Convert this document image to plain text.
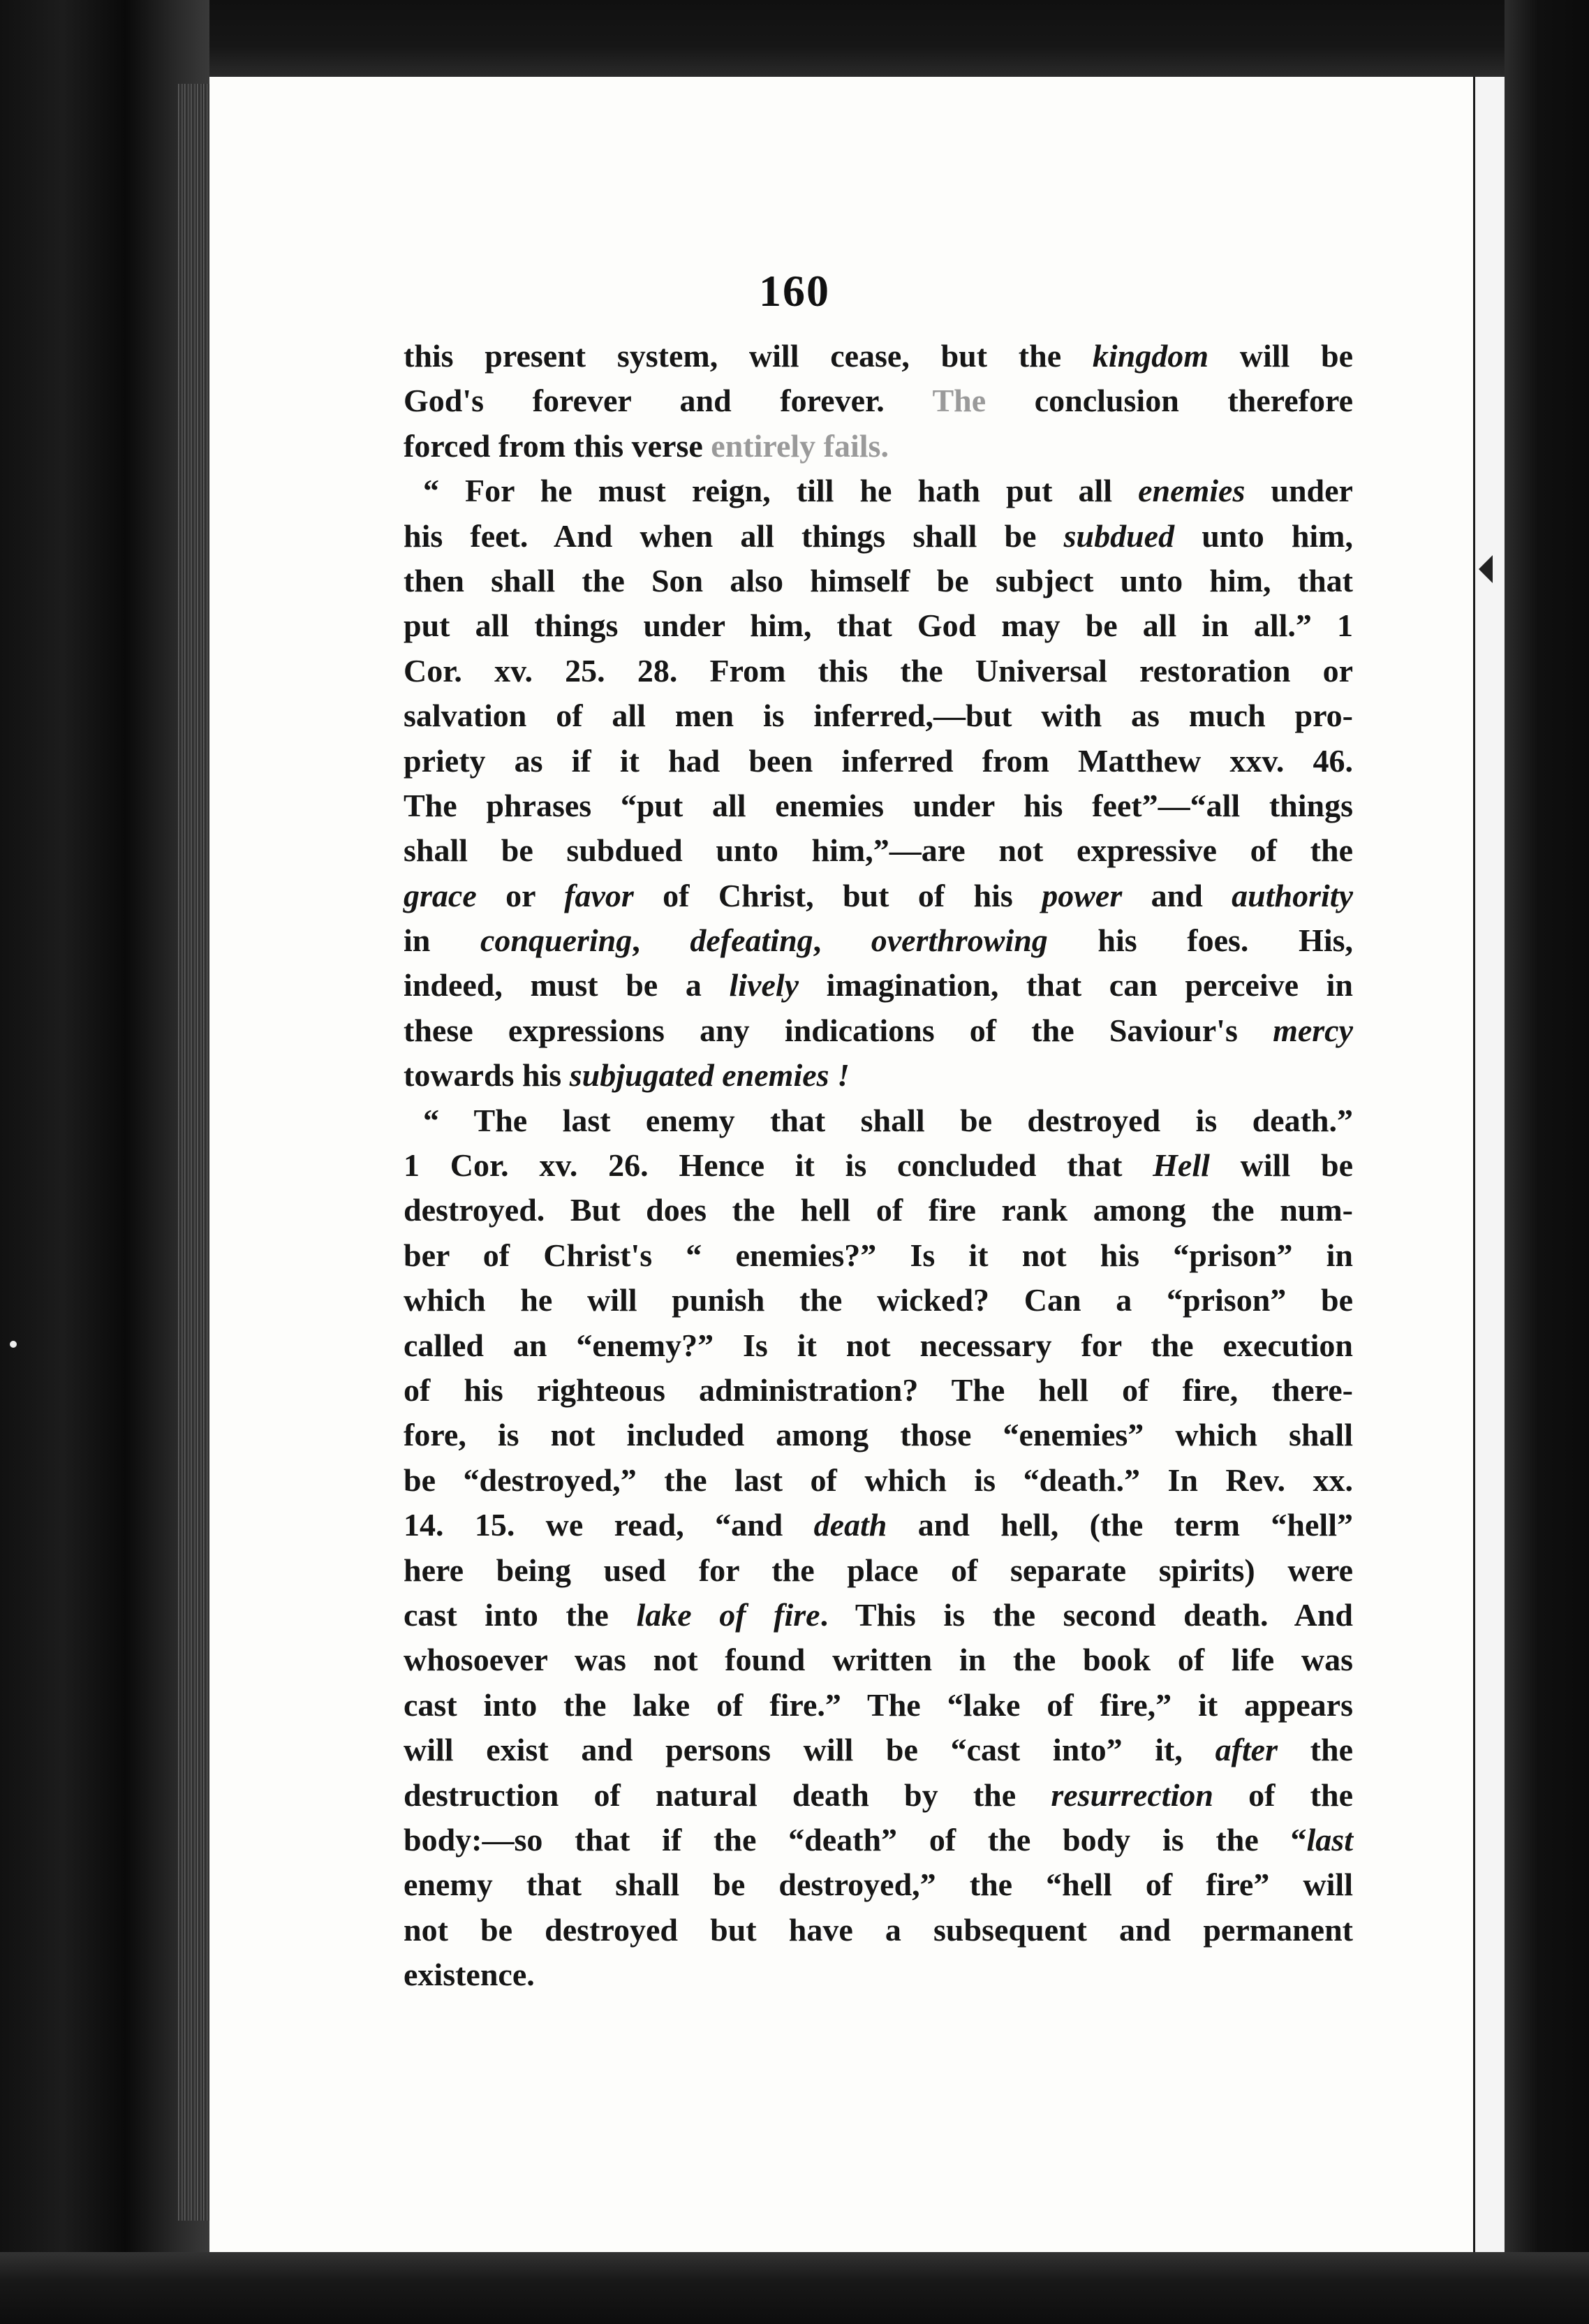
160
this present system, will cease, but the kingdom will be
God's forever and forever. The conclusion therefore
forced from this verse entirely fails.
“ For he must reign, till he hath put all enemies under
his feet. And when all things shall be subdued unto him,
then shall the Son also himself be subject unto him, that
put all things under him, that God may be all in all.” 1
Cor. xv. 25. 28. From this the Universal restoration or
salvation of all men is inferred,—but with as much pro-
priety as if it had been inferred from Matthew xxv. 46.
The phrases “put all enemies under his feet”—“all things
shall be subdued unto him,”—are not expressive of the
grace or favor of Christ, but of his power and authority
in conquering, defeating, overthrowing his foes. His,
indeed, must be a lively imagination, that can perceive in
these expressions any indications of the Saviour's mercy
towards his subjugated enemies !
“ The last enemy that shall be destroyed is death.”
1 Cor. xv. 26. Hence it is concluded that Hell will be
destroyed. But does the hell of fire rank among the num-
ber of Christ's “ enemies?” Is it not his “prison” in
which he will punish the wicked? Can a “prison” be
called an “enemy?” Is it not necessary for the execution
of his righteous administration? The hell of fire, there-
fore, is not included among those “enemies” which shall
be “destroyed,” the last of which is “death.” In Rev. xx.
14. 15. we read, “and death and hell, (the term “hell”
here being used for the place of separate spirits) were
cast into the lake of fire. This is the second death. And
whosoever was not found written in the book of life was
cast into the lake of fire.” The “lake of fire,” it appears
will exist and persons will be “cast into” it, after the
destruction of natural death by the resurrection of the
body:—so that if the “death” of the body is the “last
enemy that shall be destroyed,” the “hell of fire” will
not be destroyed but have a subsequent and permanent
existence.
